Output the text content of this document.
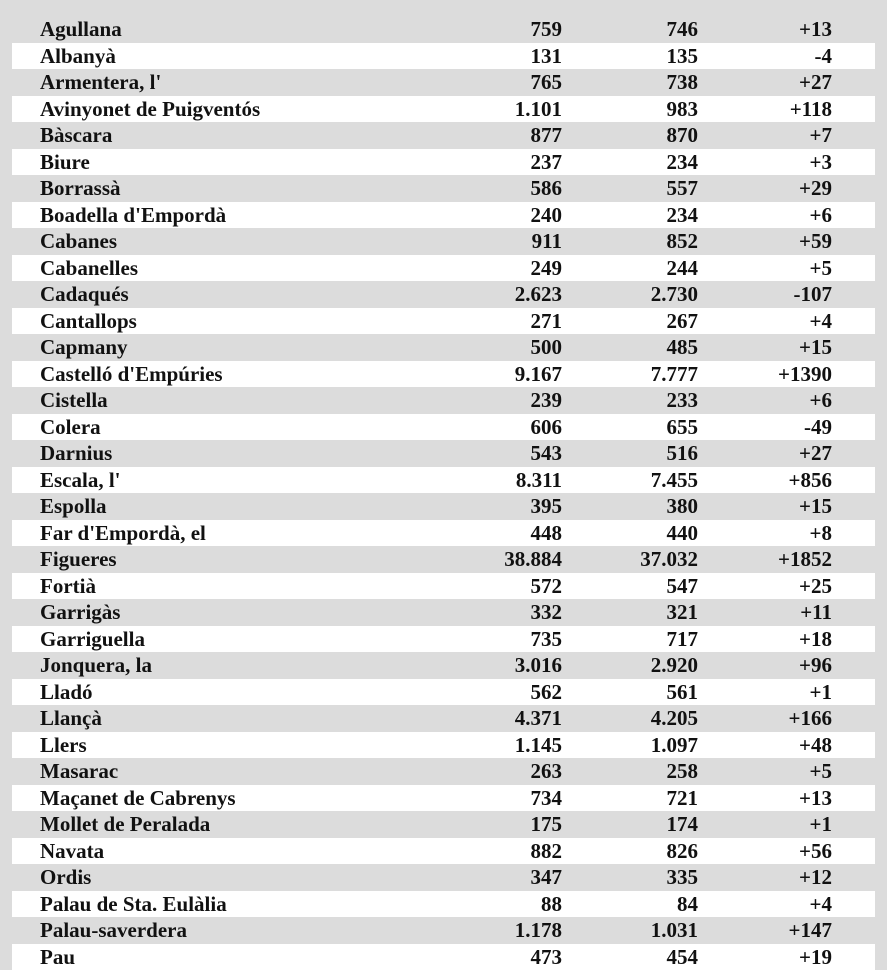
Agullana	759	746	+13
Albanyà	131	135	-4
Armentera, l'	765	738	+27
Avinyonet de Puigventós	1.101	983	+118
Bàscara	877	870	+7
Biure	237	234	+3
Borrassà	586	557	+29
Boadella d'Empordà	240	234	+6
Cabanes	911	852	+59
Cabanelles	249	244	+5
Cadaqués	2.623	2.730	-107
Cantallops	271	267	+4
Capmany	500	485	+15
Castelló d'Empúries	9.167	7.777	+1390
Cistella	239	233	+6
Colera	606	655	-49
Darnius	543	516	+27
Escala, l'	8.311	7.455	+856
Espolla	395	380	+15
Far d'Empordà, el	448	440	+8
Figueres	38.884	37.032	+1852
Fortià	572	547	+25
Garrigàs	332	321	+11
Garriguella	735	717	+18
Jonquera, la	3.016	2.920	+96
Lladó	562	561	+1
Llançà	4.371	4.205	+166
Llers	1.145	1.097	+48
Masarac	263	258	+5
Maçanet de Cabrenys	734	721	+13
Mollet de Peralada	175	174	+1
Navata	882	826	+56
Ordis	347	335	+12
Palau de Sta. Eulàlia	88	84	+4
Palau-saverdera	1.178	1.031	+147
Pau	473	454	+19
